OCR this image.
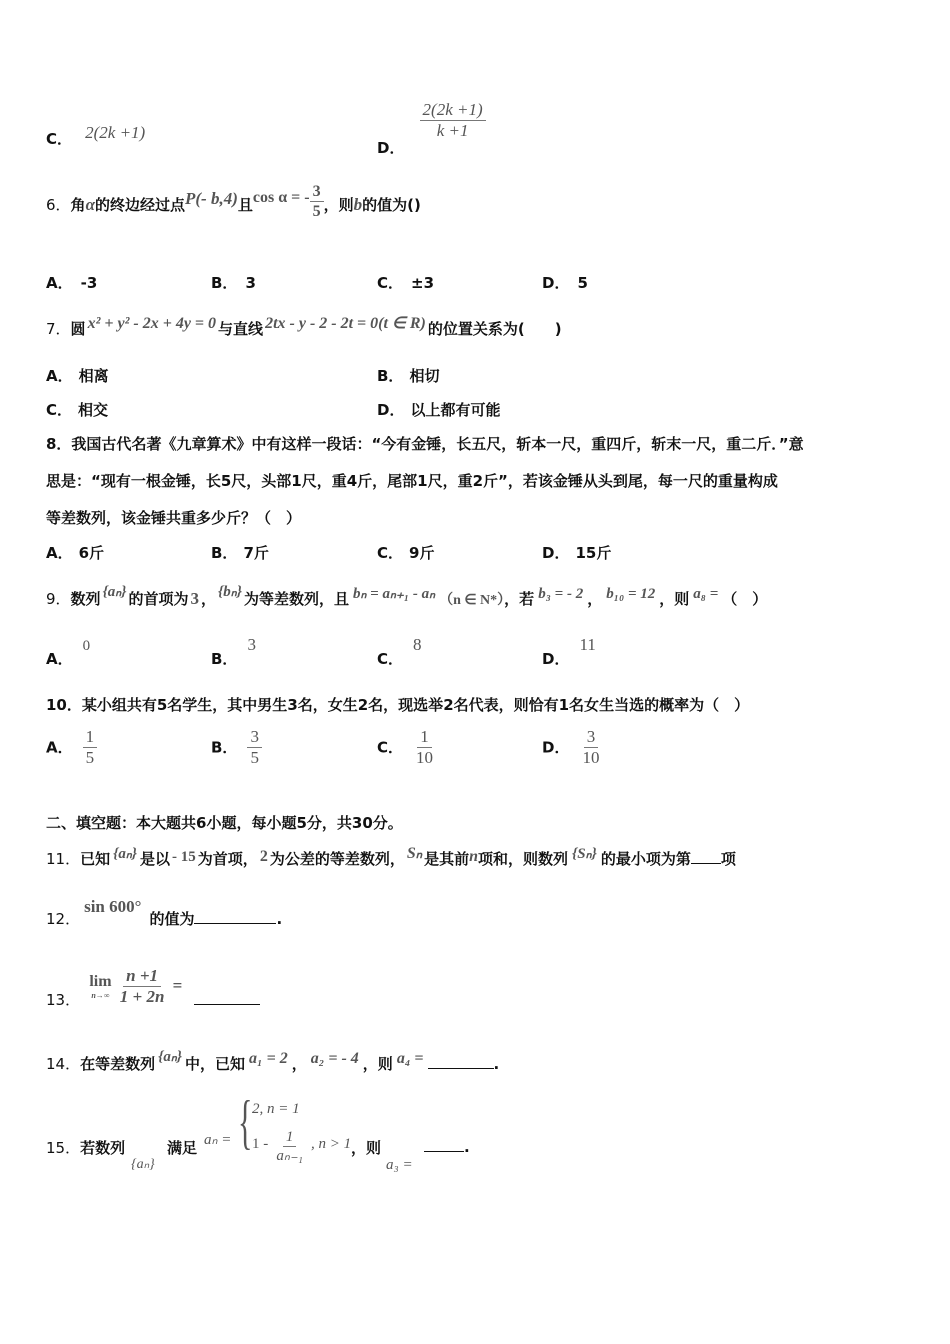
C． 2(2k +1)
D．
$\frac{2(2k +1)}{k +1}$
6．角α的终边经过点P(- b,4)且cos α = - $\frac{3}{5}$ ，则b的值为()
A． -3	B． 3	C． ±3	D． 5
7．圆 x² + y² - 2x + 4y = 0 与直线 2tx - y - 2 - 2t = 0(t ∈ R) 的位置关系为(　　)
A． 相离	B． 相切
C． 相交	D． 以上都有可能
8．我国古代名著《九章算术》中有这样一段话：“今有金锤，长五尺，斩本一尺，重四斤，斩末一尺，重二斤．”意
思是：“现有一根金锤，长5尺，头部1尺，重4斤，尾部1尺，重2斤”，若该金锤从头到尾，每一尺的重量构成
等差数列，该金锤共重多少斤？（　）
A． 6斤	B． 7斤	C． 9斤	D． 15斤
9．数列 {aₙ} 的首项为 3 ， {bₙ} 为等差数列，且 bₙ = aₙ₊₁ - aₙ （n ∈ N*），若 b₃ = - 2 ， b₁₀ = 12 ，则 a₈ = （　）
A．0
B．3
C．8
D．11
10．某小组共有5名学生，其中男生3名，女生2名，现选举2名代表，则恰有1名女生当选的概率为（　）
A． $\frac{1}{5}$	B． $\frac{3}{5}$	C． $\frac{1}{10}$	D． $\frac{3}{10}$
二、填空题：本大题共6小题，每小题5分，共30分。
11．已知 {aₙ} 是以 - 15 为首项， 2 为公差的等差数列， Sₙ 是其前n项和，则数列 {Sₙ} 的最小项为第 项
12．sin 600°的值为	.
13．
lim
n→∞
$\frac{n +1}{1 + 2n}$ =
14．在等差数列 {aₙ} 中，已知 a₁ = 2 ， a₂ = - 4 ，则 a₄ =	.
15．若数列
{aₙ}
满足 aₙ = { 2, n = 1
$1 - \frac{1}{\text{aₙ₋₁}}$ , n > 1 ，则
a₃ =
.
